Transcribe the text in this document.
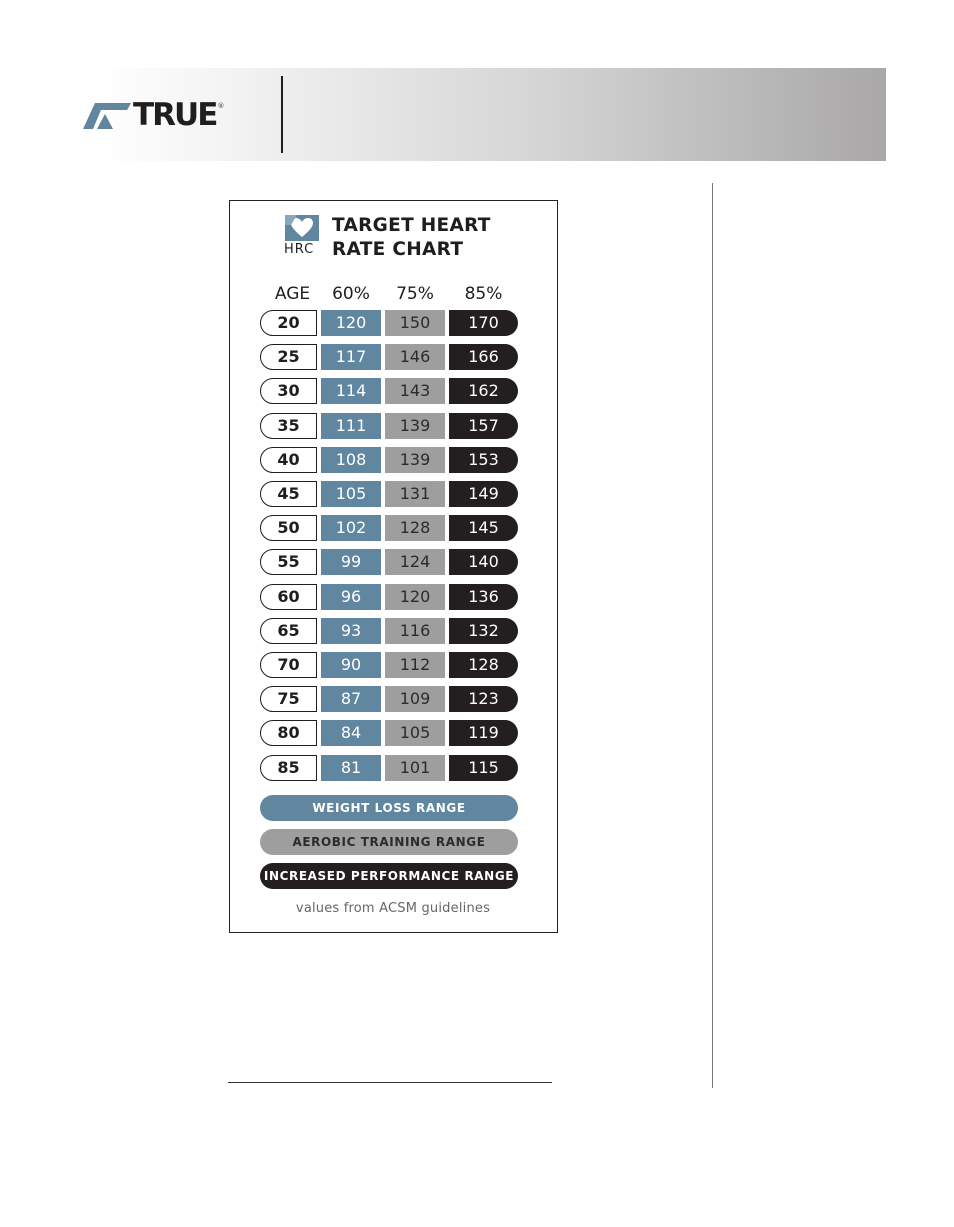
TRUE ®
HRC
TARGET HEART
RATE CHART
AGE	60%	75%	85%
20	120	150	170
25	117	146	166
30	114	143	162
35	111	139	157
40	108	139	153
45	105	131	149
50	102	128	145
55	99	124	140
60	96	120	136
65	93	116	132
70	90	112	128
75	87	109	123
80	84	105	119
85	81	101	115
WEIGHT LOSS RANGE
AEROBIC TRAINING RANGE
INCREASED PERFORMANCE RANGE
values from ACSM guidelines
